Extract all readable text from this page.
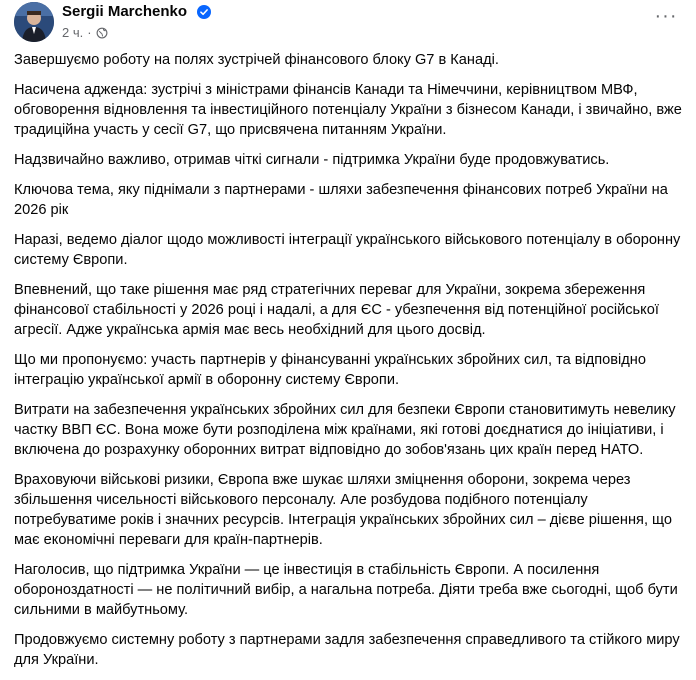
Sergii Marchenko
2 ч. ·
···

Завершуємо роботу на полях зустрічей фінансового блоку G7 в Канаді.

Насичена адженда: зустрічі з міністрами фінансів Канади та Німеччини, керівництвом МВФ, обговорення відновлення та інвестиційного потенціалу України з бізнесом Канади, і звичайно, вже традиційна участь у сесії G7, що присвячена питанням України.

Надзвичайно важливо, отримав чіткі сигнали - підтримка України буде продовжуватись.

Ключова тема, яку піднімали з партнерами - шляхи забезпечення фінансових потреб України на 2026 рік

Наразі, ведемо діалог щодо можливості інтеграції українського військового потенціалу в оборонну систему Європи.

Впевнений, що таке рішення має ряд стратегічних переваг для України, зокрема збереження фінансової стабільності у 2026 році і надалі, а для ЄС - убезпечення від потенційної російської агресії. Адже українська армія має весь необхідний для цього досвід.

Що ми пропонуємо: участь партнерів у фінансуванні українських збройних сил, та відповідно інтеграцію української армії в оборонну систему Європи.

Витрати на забезпечення українських збройних сил для безпеки Європи становитимуть невелику частку ВВП ЄС. Вона може бути розподілена між країнами, які готові доєднатися до ініціативи, і включена до розрахунку оборонних витрат відповідно до зобов'язань цих країн перед НАТО.

Враховуючи військові ризики, Європа вже шукає шляхи зміцнення оборони, зокрема через збільшення чисельності військового персоналу. Але розбудова подібного потенціалу потребуватиме років і значних ресурсів. Інтеграція українських збройних сил – дієве рішення, що має економічні переваги для країн-партнерів.

Наголосив, що підтримка України — це інвестиція в стабільність Європи. А посилення обороноздатності — не політичний вибір, а нагальна потреба. Діяти треба вже сьогодні, щоб бути сильними в майбутньому.

Продовжуємо системну роботу з партнерами задля забезпечення справедливого та стійкого миру для України.
